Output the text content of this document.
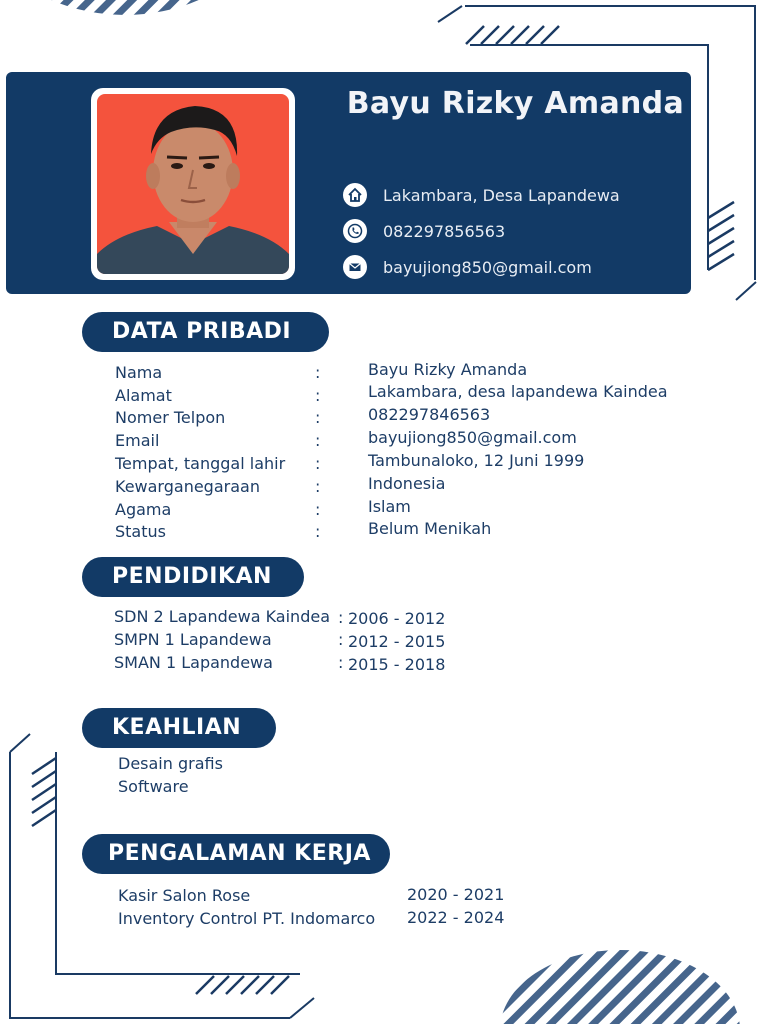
Bayu Rizky Amanda
Lakambara, Desa Lapandewa
082297856563
bayujiong850@gmail.com
DATA PRIBADI
Nama	:	Bayu Rizky Amanda
Alamat	:	Lakambara, desa lapandewa Kaindea
Nomer Telpon	:	082297846563
Email	:	bayujiong850@gmail.com
Tempat, tanggal lahir :	Tambunaloko, 12 Juni 1999
Kewarganegaraan	:	Indonesia
Agama	:	Islam
Status	:	Belum Menikah
PENDIDIKAN
SDN 2 Lapandewa Kaindea : 2006 - 2012
SMPN 1 Lapandewa	: 2012 - 2015
SMAN 1 Lapandewa	: 2015 - 2018
KEAHLIAN
Desain grafis
Software
PENGALAMAN KERJA
Kasir Salon Rose	2020 - 2021
Inventory Control PT. Indomarco 2022 - 2024
